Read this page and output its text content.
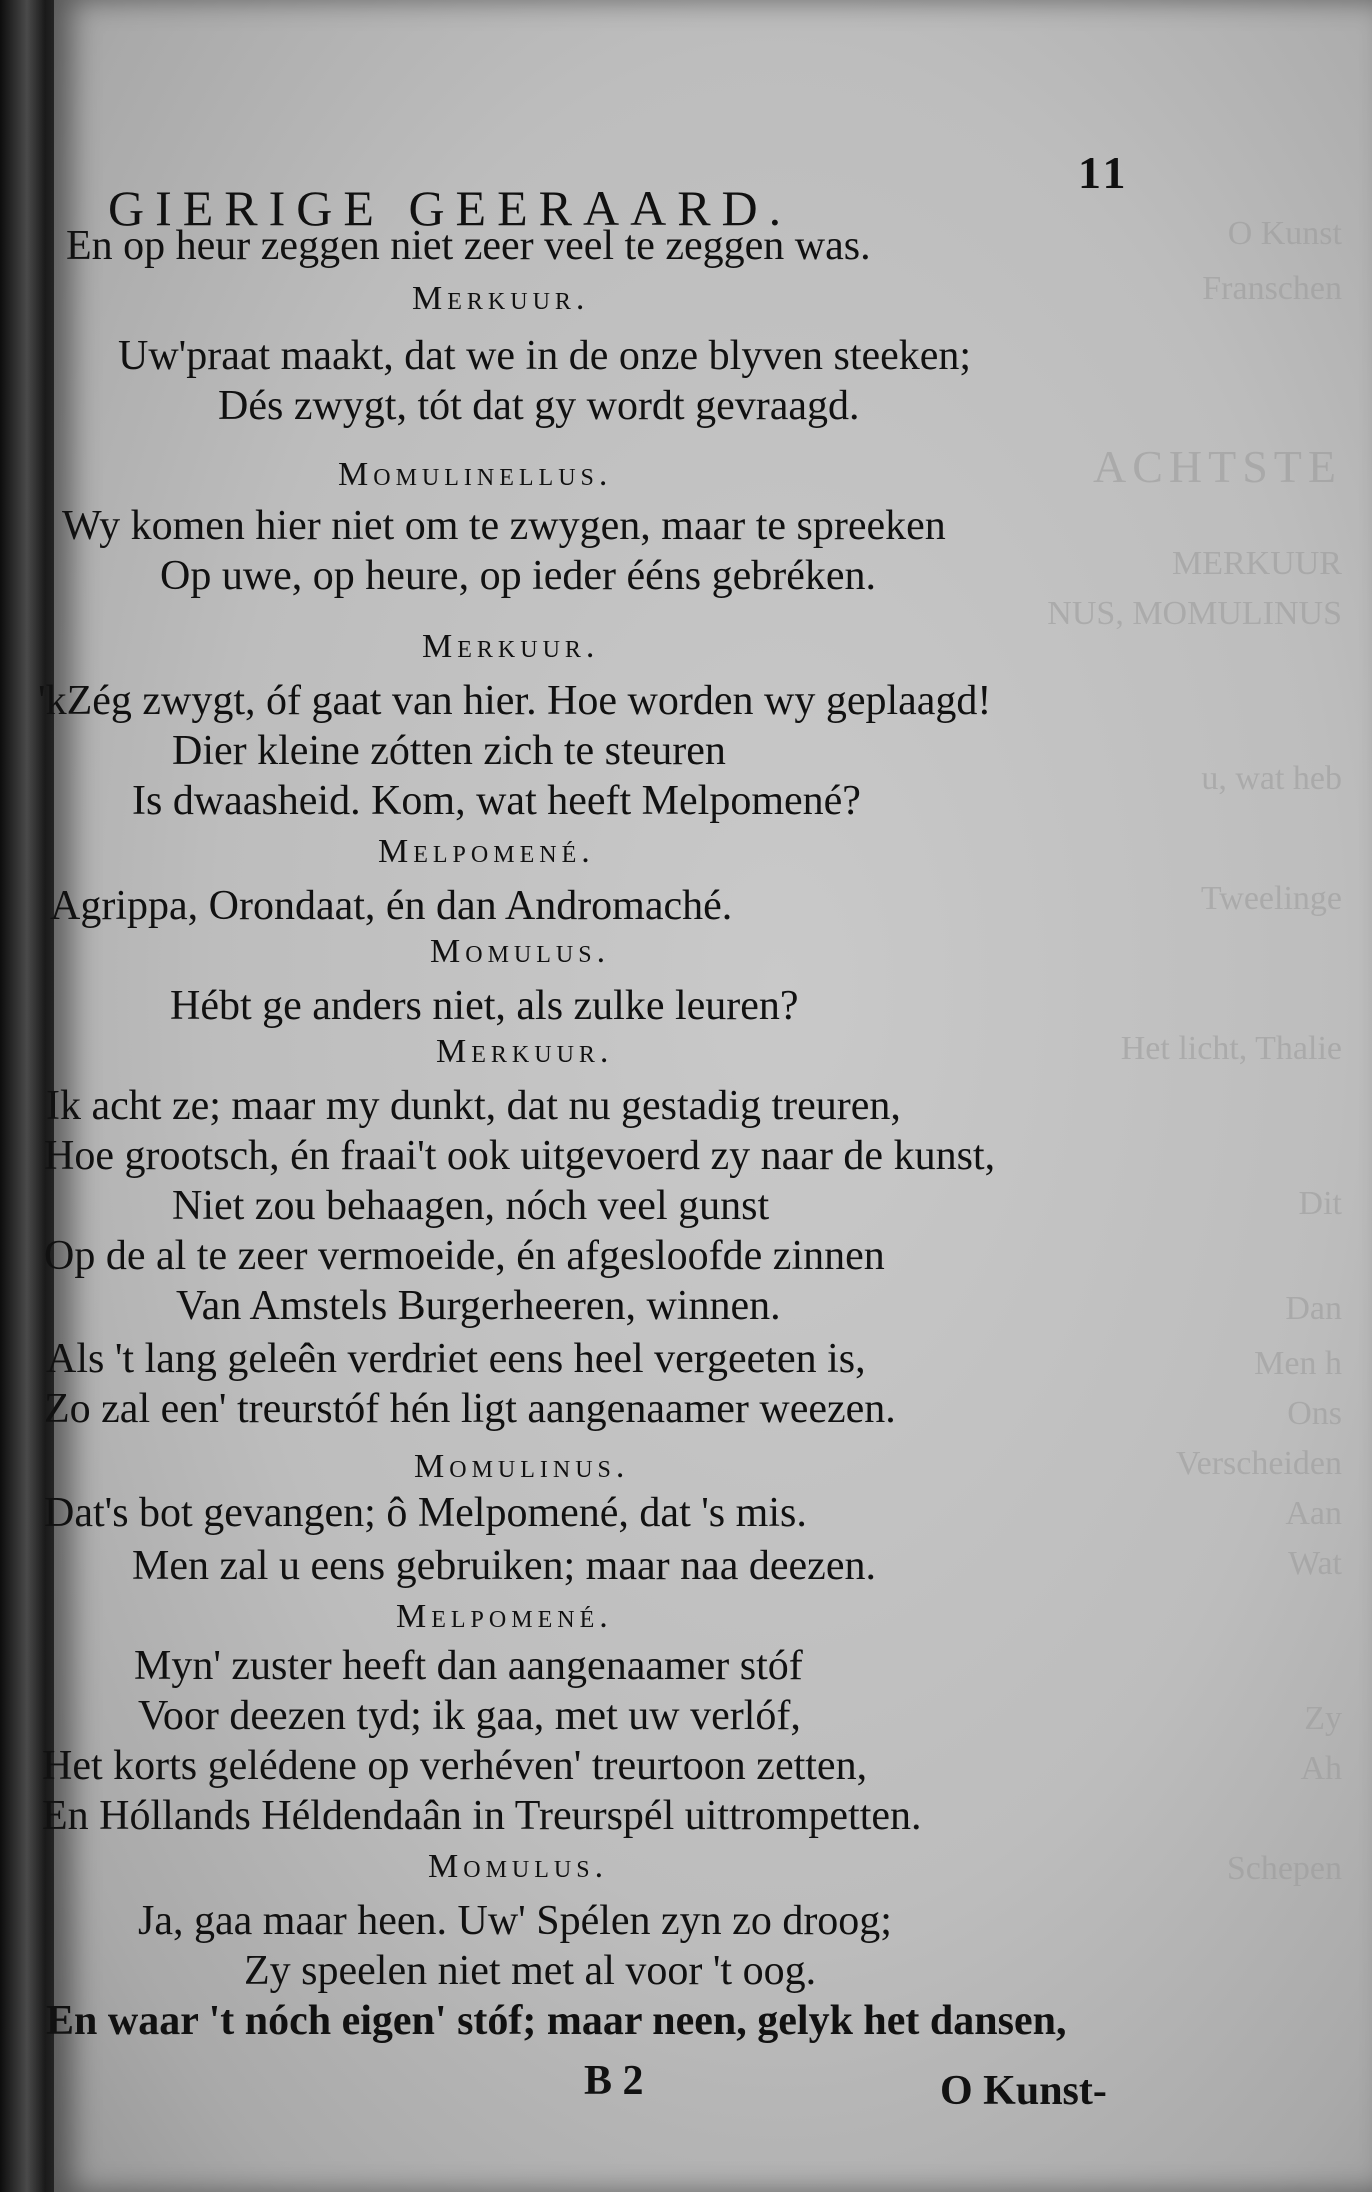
O Kunst
Franschen
ACHTSTE
MERKUUR
NUS, MOMULINUS
u, wat heb
Tweelinge
Het licht, Thalie
Dit
Dan
Men h
Ons
Verscheiden
Aan
Wat
Zy
Ah
Schepen
GIERIGE GEERAARD.
11
En op heur zeggen niet zeer veel te zeggen was.
Merkuur.
Uw'praat maakt, dat we in de onze blyven steeken;
Dés zwygt, tót dat gy wordt gevraagd.
Momulinellus.
Wy komen hier niet om te zwygen, maar te spreeken
Op uwe, op heure, op ieder ééns gebréken.
Merkuur.
'kZég zwygt, óf gaat van hier. Hoe worden wy geplaagd!
Dier kleine zótten zich te steuren
Is dwaasheid. Kom, wat heeft Melpomené?
Melpomené.
Agrippa, Orondaat, én dan Andromaché.
Momulus.
Hébt ge anders niet, als zulke leuren?
Merkuur.
Ik acht ze; maar my dunkt, dat nu gestadig treuren,
Hoe grootsch, én fraai't ook uitgevoerd zy naar de kunst,
Niet zou behaagen, nóch veel gunst
Op de al te zeer vermoeide, én afgesloofde zinnen
Van Amstels Burgerheeren, winnen.
Als 't lang geleên verdriet eens heel vergeeten is,
Zo zal een' treurstóf hén ligt aangenaamer weezen.
Momulinus.
Dat's bot gevangen; ô Melpomené, dat 's mis.
Men zal u eens gebruiken; maar naa deezen.
Melpomené.
Myn' zuster heeft dan aangenaamer stóf
Voor deezen tyd; ik gaa, met uw verlóf,
Het korts gelédene op verhéven' treurtoon zetten,
En Hóllands Héldendaân in Treurspél uittrompetten.
Momulus.
Ja, gaa maar heen. Uw' Spélen zyn zo droog;
Zy speelen niet met al voor 't oog.
En waar 't nóch eigen' stóf; maar neen, gelyk het dansen,
B 2	O Kunst-
